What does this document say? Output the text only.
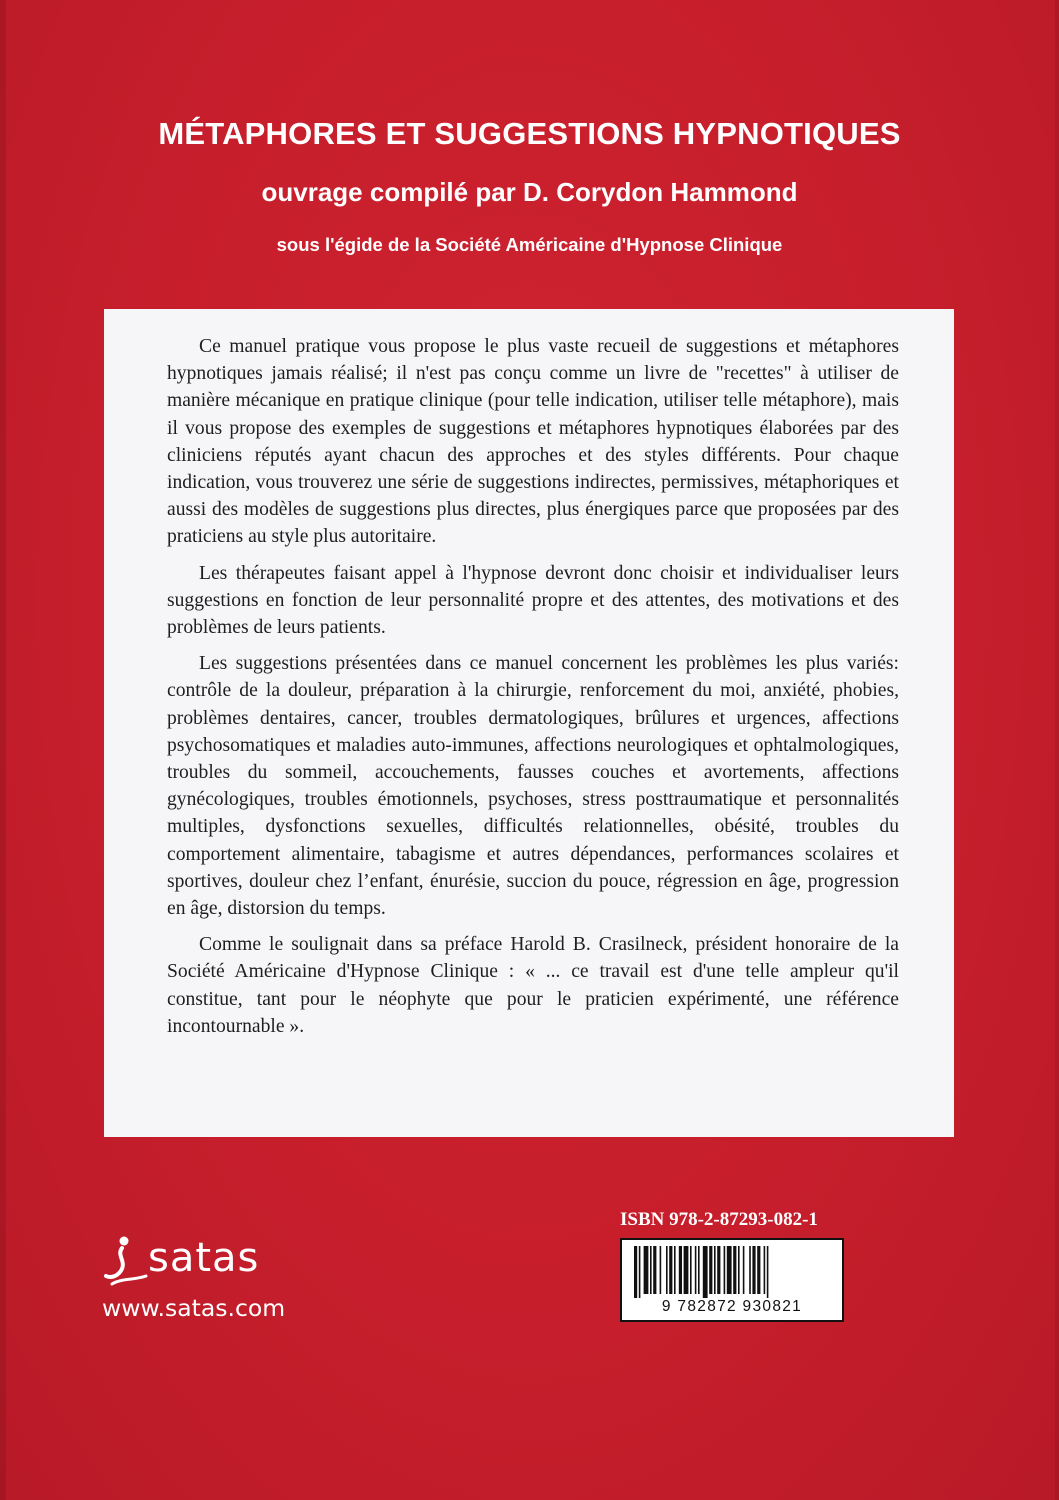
MÉTAPHORES ET SUGGESTIONS HYPNOTIQUES
ouvrage compilé par D. Corydon Hammond
sous l'égide de la Société Américaine d'Hypnose Clinique

Ce manuel pratique vous propose le plus vaste recueil de suggestions et métaphores hypnotiques jamais réalisé; il n'est pas conçu comme un livre de "recettes" à utiliser de manière mécanique en pratique clinique (pour telle indication, utiliser telle métaphore), mais il vous propose des exemples de suggestions et métaphores hypnotiques élaborées par des cliniciens réputés ayant chacun des approches et des styles différents. Pour chaque indication, vous trouverez une série de suggestions indirectes, permissives, métaphoriques et aussi des modèles de suggestions plus directes, plus énergiques parce que proposées par des praticiens au style plus autoritaire.

Les thérapeutes faisant appel à l'hypnose devront donc choisir et individualiser leurs suggestions en fonction de leur personnalité propre et des attentes, des motivations et des problèmes de leurs patients.

Les suggestions présentées dans ce manuel concernent les problèmes les plus variés: contrôle de la douleur, préparation à la chirurgie, renforcement du moi, anxiété, phobies, problèmes dentaires, cancer, troubles dermatologiques, brûlures et urgences, affections psychosomatiques et maladies auto-immunes, affections neurologiques et ophtalmologiques, troubles du sommeil, accouchements, fausses couches et avortements, affections gynécologiques, troubles émotionnels, psychoses, stress posttraumatique et personnalités multiples, dysfonctions sexuelles, difficultés relationnelles, obésité, troubles du comportement alimentaire, tabagisme et autres dépendances, performances scolaires et sportives, douleur chez l’enfant, énurésie, succion du pouce, régression en âge, progression en âge, distorsion du temps.

Comme le soulignait dans sa préface Harold B. Crasilneck, président honoraire de la Société Américaine d'Hypnose Clinique : « ... ce travail est d'une telle ampleur qu'il constitue, tant pour le néophyte que pour le praticien expérimenté, une référence incontournable ».

satas
www.satas.com

ISBN 978-2-87293-082-1

9 782872 930821
